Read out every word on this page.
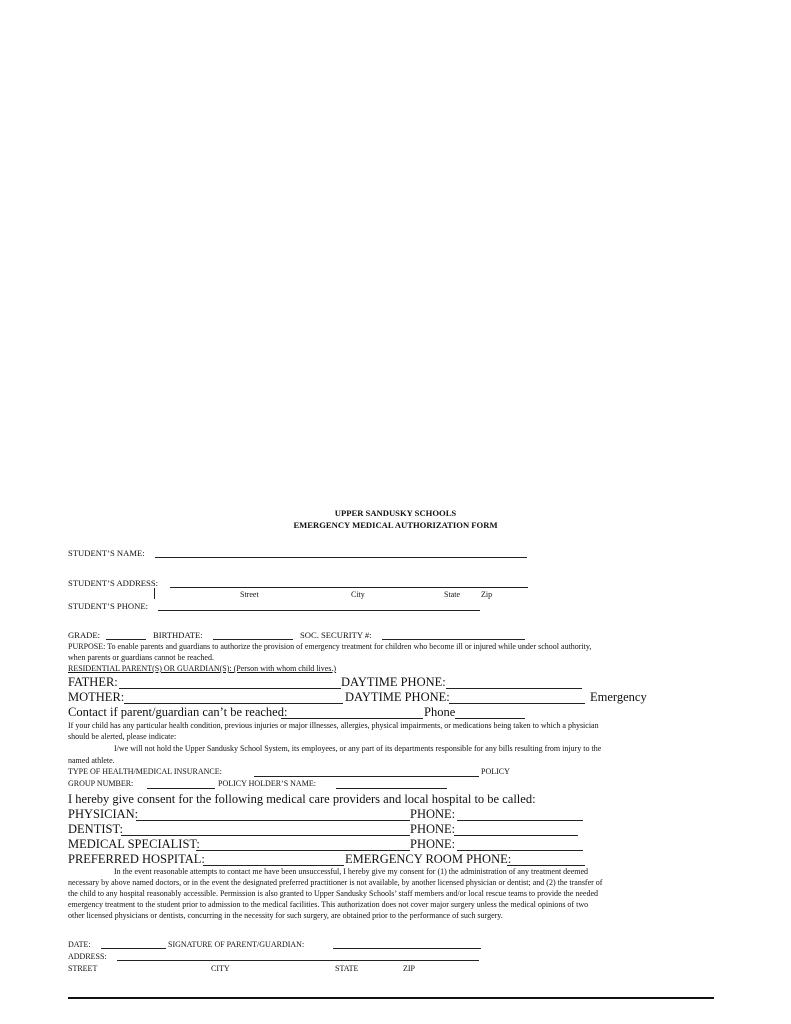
UPPER SANDUSKY SCHOOLS
EMERGENCY MEDICAL AUTHORIZATION FORM
STUDENT’S NAME:
STUDENT’S ADDRESS:
Street	City	State	Zip
STUDENT’S PHONE:
GRADE:	BIRTHDATE:	SOC. SECURITY #:
PURPOSE: To enable parents and guardians to authorize the provision of emergency treatment for children who become ill or injured while under school authority,
when parents or guardians cannot be reached.
RESIDENTIAL PARENT(S) OR GUARDIAN(S): (Person with whom child lives.)
FATHER:	DAYTIME PHONE:
MOTHER:	DAYTIME PHONE:	Emergency
Contact if parent/guardian can’t be reached:	Phone
If your child has any particular health condition, previous injuries or major illnesses, allergies, physical impairments, or medications being taken to which a physician
should be alerted, please indicate:
I/we will not hold the Upper Sandusky School System, its employees, or any part of its departments responsible for any bills resulting from injury to the
named athlete.
TYPE OF HEALTH/MEDICAL INSURANCE:	POLICY
GROUP NUMBER:	POLICY HOLDER’S NAME:
I hereby give consent for the following medical care providers and local hospital to be called:
PHYSICIAN:	PHONE:
DENTIST:	PHONE:
MEDICAL SPECIALIST:	PHONE:
PREFERRED HOSPITAL:	EMERGENCY ROOM PHONE:
In the event reasonable attempts to contact me have been unsuccessful, I hereby give my consent for (1) the administration of any treatment deemed
necessary by above named doctors, or in the event the designated preferred practitioner is not available, by another licensed physician or dentist; and (2) the transfer of
the child to any hospital reasonably accessible. Permission is also granted to Upper Sandusky Schools’ staff members and/or local rescue teams to provide the needed
emergency treatment to the student prior to admission to the medical facilities. This authorization does not cover major surgery unless the medical opinions of two
other licensed physicians or dentists, concurring in the necessity for such surgery, are obtained prior to the performance of such surgery.
DATE:	SIGNATURE OF PARENT/GUARDIAN:
ADDRESS:
STREET	CITY	STATE	ZIP
